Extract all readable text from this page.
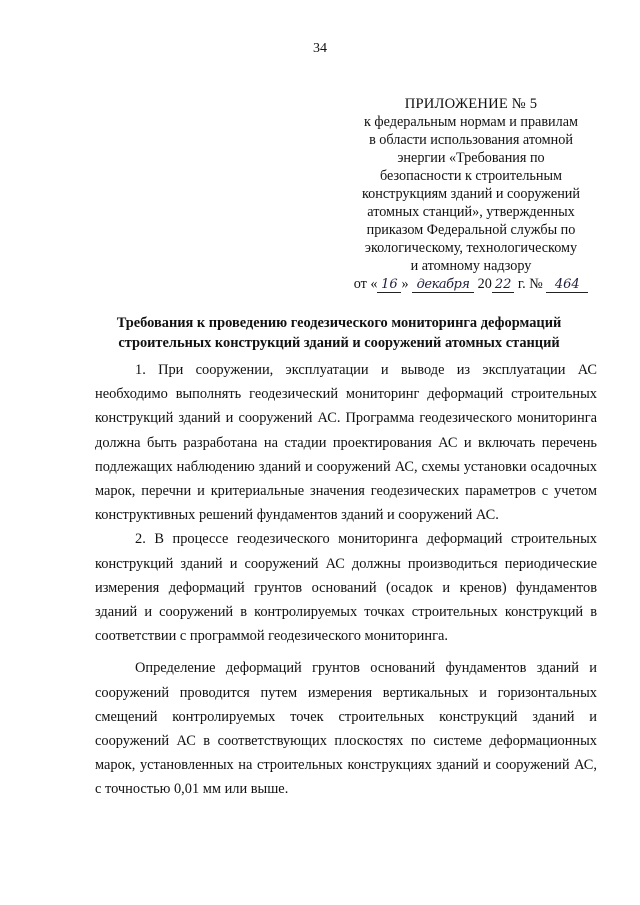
34
ПРИЛОЖЕНИЕ № 5
к федеральным нормам и правилам
в области использования атомной
энергии «Требования по
безопасности к строительным
конструкциям зданий и сооружений
атомных станций», утвержденных
приказом Федеральной службы по
экологическому, технологическому
и атомному надзору
от « 16 » декабря 20 22 г. № 464
Требования к проведению геодезического мониторинга деформаций
строительных конструкций зданий и сооружений атомных станций

1. При сооружении, эксплуатации и выводе из эксплуатации АС необходимо выполнять геодезический мониторинг деформаций строительных конструкций зданий и сооружений АС. Программа геодезического мониторинга должна быть разработана на стадии проектирования АС и включать перечень подлежащих наблюдению зданий и сооружений АС, схемы установки осадочных марок, перечни и критериальные значения геодезических параметров с учетом конструктивных решений фундаментов зданий и сооружений АС.

2. В процессе геодезического мониторинга деформаций строительных конструкций зданий и сооружений АС должны производиться периодические измерения деформаций грунтов оснований (осадок и кренов) фундаментов зданий и сооружений в контролируемых точках строительных конструкций в соответствии с программой геодезического мониторинга.

Определение деформаций грунтов оснований фундаментов зданий и сооружений проводится путем измерения вертикальных и горизонтальных смещений контролируемых точек строительных конструкций зданий и сооружений АС в соответствующих плоскостях по системе деформационных марок, установленных на строительных конструкциях зданий и сооружений АС, с точностью 0,01 мм или выше.
